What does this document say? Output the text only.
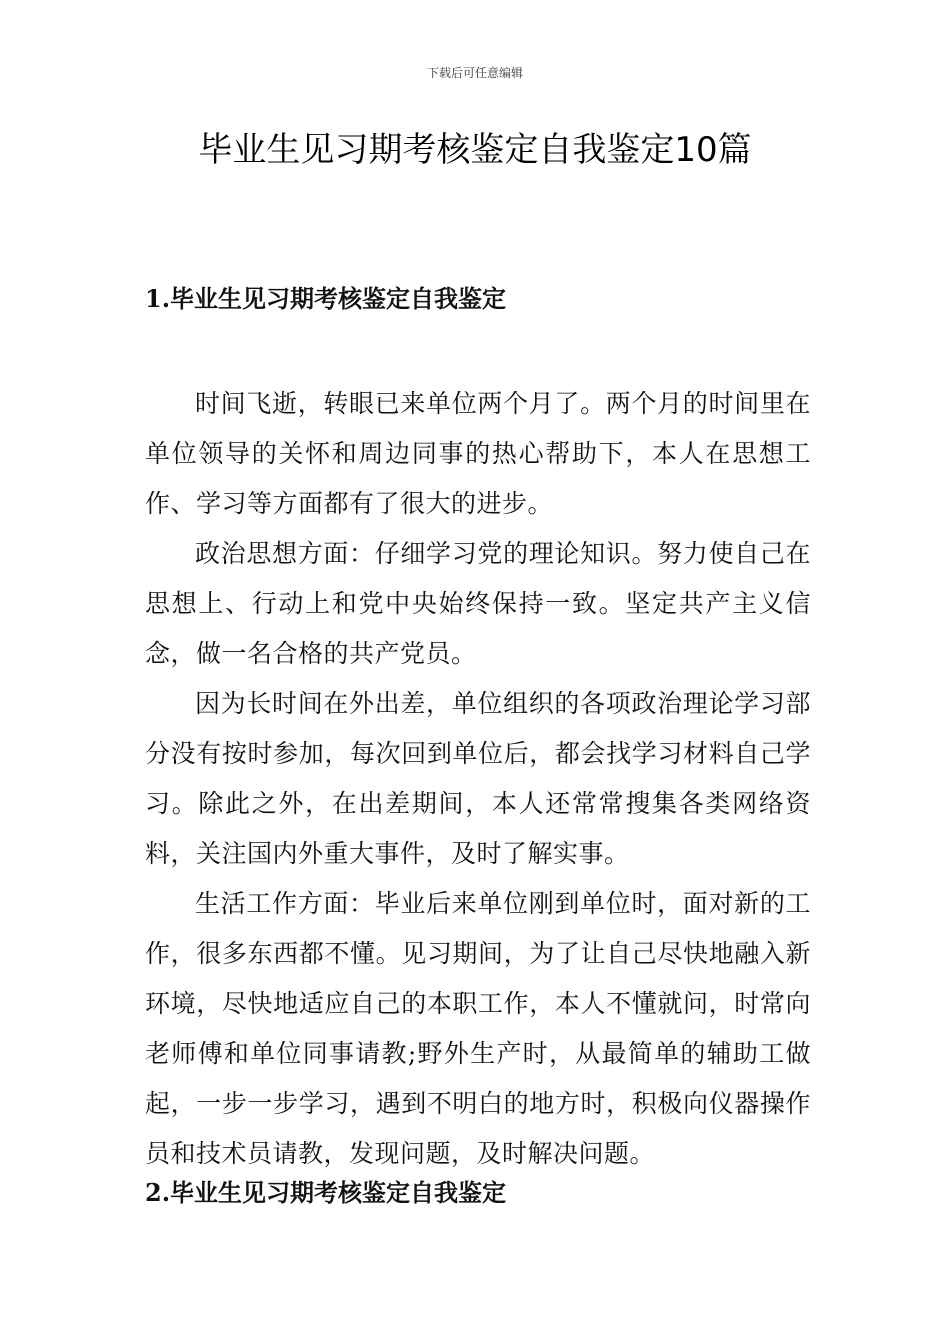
下载后可任意编辑
毕业生见习期考核鉴定自我鉴定10篇
1.毕业生见习期考核鉴定自我鉴定

时间飞逝，转眼已来单位两个月了。两个月的时间里在单位领导的关怀和周边同事的热心帮助下，本人在思想工作、学习等方面都有了很大的进步。

政治思想方面：仔细学习党的理论知识。努力使自己在思想上、行动上和党中央始终保持一致。坚定共产主义信念，做一名合格的共产党员。

因为长时间在外出差，单位组织的各项政治理论学习部分没有按时参加，每次回到单位后，都会找学习材料自己学习。除此之外，在出差期间，本人还常常搜集各类网络资料，关注国内外重大事件，及时了解实事。

生活工作方面：毕业后来单位刚到单位时，面对新的工作，很多东西都不懂。见习期间，为了让自己尽快地融入新环境，尽快地适应自己的本职工作，本人不懂就问，时常向老师傅和单位同事请教;野外生产时，从最简单的辅助工做起，一步一步学习，遇到不明白的地方时，积极向仪器操作员和技术员请教，发现问题，及时解决问题。

2.毕业生见习期考核鉴定自我鉴定
